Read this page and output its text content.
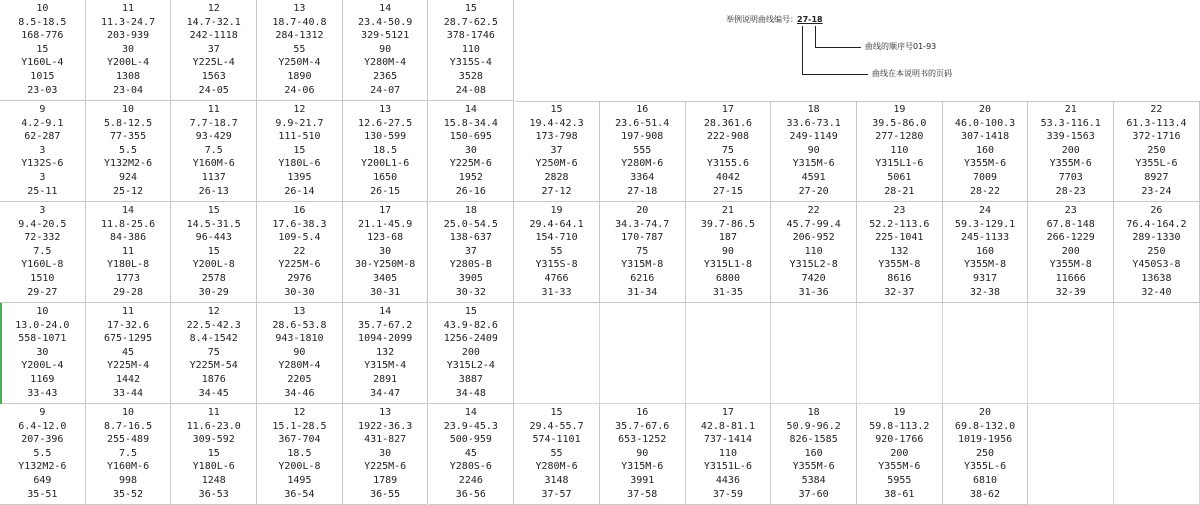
10
8.5-18.5
168-776
15
Y160L-4
1015
23-03
11
11.3-24.7
203-939
30
Y200L-4
1308
23-04
12
14.7-32.1
242-1118
37
Y225L-4
1563
24-05
13
18.7-40.8
284-1312
55
Y250M-4
1890
24-06
14
23.4-50.9
329-5121
90
Y280M-4
2365
24-07
15
28.7-62.5
378-1746
110
Y315S-4
3528
24-08
9
4.2-9.1
62-287
3
Y132S-6
3
25-11
10
5.8-12.5
77-355
5.5
Y132M2-6
924
25-12
11
7.7-18.7
93-429
7.5
Y160M-6
1137
26-13
12
9.9-21.7
111-510
15
Y180L-6
1395
26-14
13
12.6-27.5
130-599
18.5
Y200L1-6
1650
26-15
14
15.8-34.4
150-695
30
Y225M-6
1952
26-16
15
19.4-42.3
173-798
37
Y250M-6
2828
27-12
16
23.6-51.4
197-908
555
Y280M-6
3364
27-18
17
28.361.6
222-908
75
Y3155.6
4042
27-15
18
33.6-73.1
249-1149
90
Y315M-6
4591
27-20
19
39.5-86.0
277-1280
110
Y315L1-6
5061
28-21
20
46.0-100.3
307-1418
160
Y355M-6
7009
28-22
21
53.3-116.1
339-1563
200
Y355M-6
7703
28-23
22
61.3-113.4
372-1716
250
Y355L-6
8927
23-24
3
9.4-20.5
72-332
7.5
Y160L-8
1510
29-27
14
11.8-25.6
84-386
11
Y180L-8
1773
29-28
15
14.5-31.5
96-443
15
Y200L-8
2578
30-29
16
17.6-38.3
109-5.4
22
Y225M-6
2976
30-30
17
21.1-45.9
123-68
30
30-Y250M-8
3405
30-31
18
25.0-54.5
138-637
37
Y280S-B
3905
30-32
19
29.4-64.1
154-710
55
Y315S-8
4766
31-33
20
34.3-74.7
170-787
75
Y315M-8
6216
31-34
21
39.7-86.5
187
90
Y315L1-8
6800
31-35
22
45.7-99.4
206-952
110
Y315L2-8
7420
31-36
23
52.2-113.6
225-1041
132
Y355M-8
8616
32-37
24
59.3-129.1
245-1133
160
Y355M-8
9317
32-38
23
67.8-148
266-1229
200
Y355M-8
11666
32-39
26
76.4-164.2
289-1330
250
Y450S3-8
13638
32-40
10
13.0-24.0
558-1071
30
Y200L-4
1169
33-43
11
17-32.6
675-1295
45
Y225M-4
1442
33-44
12
22.5-42.3
8.4-1542
75
Y225M-54
1876
34-45
13
28.6-53.8
943-1810
90
Y280M-4
2205
34-46
14
35.7-67.2
1094-2099
132
Y315M-4
2891
34-47
15
43.9-82.6
1256-2409
200
Y315L2-4
3887
34-48
9
6.4-12.0
207-396
5.5
Y132M2-6
649
35-51
10
8.7-16.5
255-489
7.5
Y160M-6
998
35-52
11
11.6-23.0
309-592
15
Y180L-6
1248
36-53
12
15.1-28.5
367-704
18.5
Y200L-8
1495
36-54
13
1922-36.3
431-827
30
Y225M-6
1789
36-55
14
23.9-45.3
500-959
45
Y280S-6
2246
36-56
15
29.4-55.7
574-1101
55
Y280M-6
3148
37-57
16
35.7-67.6
653-1252
90
Y315M-6
3991
37-58
17
42.8-81.1
737-1414
110
Y3151L-6
4436
37-59
18
50.9-96.2
826-1585
160
Y355M-6
5384
37-60
19
59.8-113.2
920-1766
200
Y355M-6
5955
38-61
20
69.8-132.0
1019-1956
250
Y355L-6
6810
38-62
举例说明曲线编号： 27-18
曲线的顺序号01-93
曲线在本说明书的页码
